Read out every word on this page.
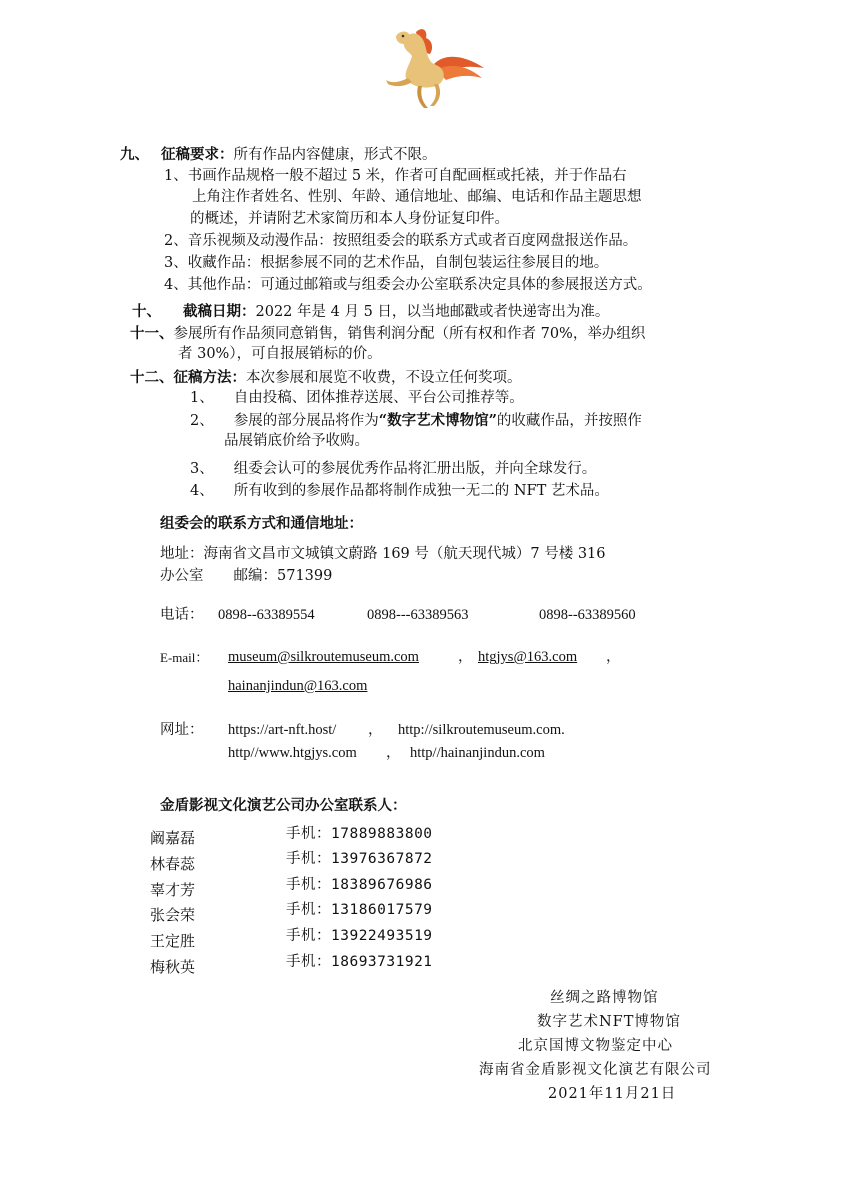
九、 征稿要求：所有作品内容健康，形式不限。
1、书画作品规格一般不超过 5 米，作者可自配画框或托裱，并于作品右
上角注作者姓名、性别、年龄、通信地址、邮编、电话和作品主题思想
的概述，并请附艺术家简历和本人身份证复印件。
2、音乐视频及动漫作品：按照组委会的联系方式或者百度网盘报送作品。
3、收藏作品：根据参展不同的艺术作品，自制包装运往参展目的地。
4、其他作品：可通过邮箱或与组委会办公室联系决定具体的参展报送方式。
十、 截稿日期：2022 年是 4 月 5 日，以当地邮戳或者快递寄出为准。
十一、参展所有作品须同意销售，销售利润分配（所有权和作者 70%，举办组织
者 30%），可自报展销标的价。
十二、征稿方法：本次参展和展览不收费，不设立任何奖项。
1、 自由投稿、团体推荐送展、平台公司推荐等。
2、 参展的部分展品将作为“数字艺术博物馆”的收藏作品，并按照作
品展销底价给予收购。
3、 组委会认可的参展优秀作品将汇册出版，并向全球发行。
4、 所有收到的参展作品都将制作成独一无二的 NFT 艺术品。
组委会的联系方式和通信地址：
地址：海南省文昌市文城镇文蔚路 169 号（航天现代城）7 号楼 316
办公室 邮编：571399
电话： 0898--63389554	0898---63389563	0898--63389560
E-mail： museum@silkroutemuseum.com	， htgjys@163.com ，
hainanjindun@163.com
网址： https://art-nft.host/ ， http://silkroutemuseum.com.
http//www.htgjys.com ， http//hainanjindun.com
金盾影视文化演艺公司办公室联系人：
阚嘉磊	手机：17889883800
林春蕊	手机：13976367872
辜才芳	手机：18389676986
张会荣	手机：13186017579
王定胜	手机：13922493519
梅秋英	手机：18693731921
丝绸之路博物馆
数字艺术NFT博物馆
北京国博文物鉴定中心
海南省金盾影视文化演艺有限公司
2021年11月21日
